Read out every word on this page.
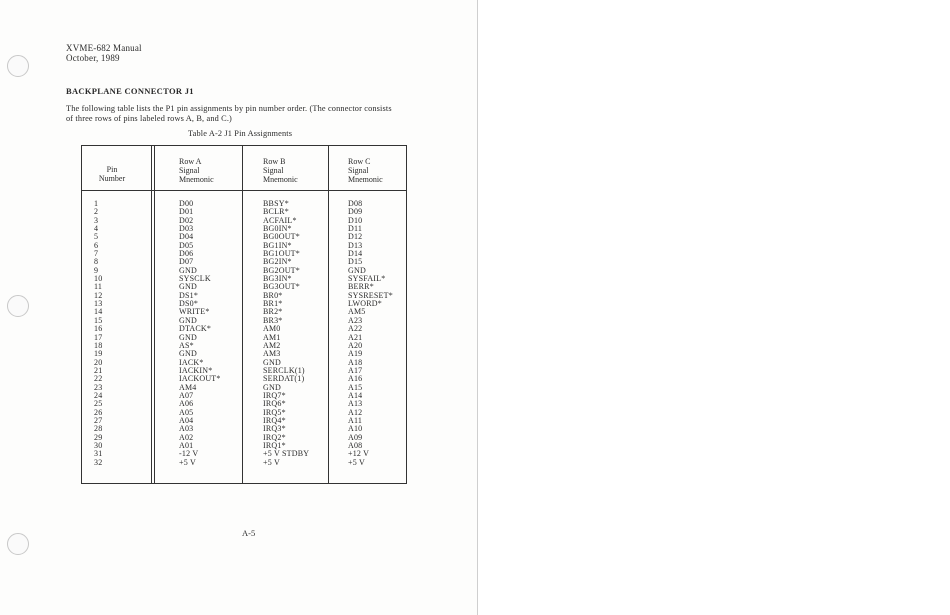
XVME-682 Manual
October, 1989
BACKPLANE CONNECTOR J1
The following table lists the P1 pin assignments by pin number order. (The connector consists
of three rows of pins labeled rows A, B, and C.)
Table A-2 J1 Pin Assignments
Pin
Number
Row A
Signal
Mnemonic
Row B
Signal
Mnemonic
Row C
Signal
Mnemonic
1
2
3
4
5
6
7
8
9
10
11
12
13
14
15
16
17
18
19
20
21
22
23
24
25
26
27
28
29
30
31
32
D00
D01
D02
D03
D04
D05
D06
D07
GND
SYSCLK
GND
DS1*
DS0*
WRITE*
GND
DTACK*
GND
AS*
GND
IACK*
IACKIN*
IACKOUT*
AM4
A07
A06
A05
A04
A03
A02
A01
-12 V
+5 V
BBSY*
BCLR*
ACFAIL*
BG0IN*
BG0OUT*
BG1IN*
BG1OUT*
BG2IN*
BG2OUT*
BG3IN*
BG3OUT*
BR0*
BR1*
BR2*
BR3*
AM0
AM1
AM2
AM3
GND
SERCLK(1)
SERDAT(1)
GND
IRQ7*
IRQ6*
IRQ5*
IRQ4*
IRQ3*
IRQ2*
IRQ1*
+5 V STDBY
+5 V
D08
D09
D10
D11
D12
D13
D14
D15
GND
SYSFAIL*
BERR*
SYSRESET*
LWORD*
AM5
A23
A22
A21
A20
A19
A18
A17
A16
A15
A14
A13
A12
A11
A10
A09
A08
+12 V
+5 V
A-5
